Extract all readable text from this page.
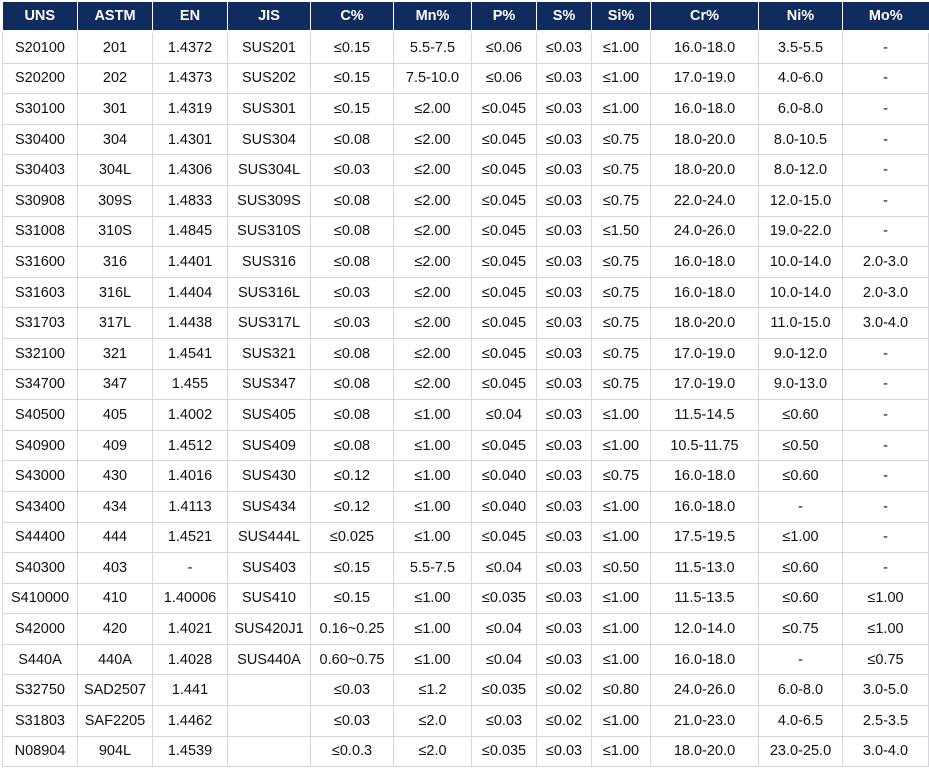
UNS	ASTM	EN	JIS	C%	Mn%	P%	S%	Si%	Cr%	Ni%	Mo%
S20100	201	1.4372	SUS201	≤0.15	5.5-7.5	≤0.06	≤0.03	≤1.00	16.0-18.0	3.5-5.5	-
S20200	202	1.4373	SUS202	≤0.15	7.5-10.0	≤0.06	≤0.03	≤1.00	17.0-19.0	4.0-6.0	-
S30100	301	1.4319	SUS301	≤0.15	≤2.00	≤0.045	≤0.03	≤1.00	16.0-18.0	6.0-8.0	-
S30400	304	1.4301	SUS304	≤0.08	≤2.00	≤0.045	≤0.03	≤0.75	18.0-20.0	8.0-10.5	-
S30403	304L	1.4306	SUS304L	≤0.03	≤2.00	≤0.045	≤0.03	≤0.75	18.0-20.0	8.0-12.0	-
S30908	309S	1.4833	SUS309S	≤0.08	≤2.00	≤0.045	≤0.03	≤0.75	22.0-24.0	12.0-15.0	-
S31008	310S	1.4845	SUS310S	≤0.08	≤2.00	≤0.045	≤0.03	≤1.50	24.0-26.0	19.0-22.0	-
S31600	316	1.4401	SUS316	≤0.08	≤2.00	≤0.045	≤0.03	≤0.75	16.0-18.0	10.0-14.0	2.0-3.0
S31603	316L	1.4404	SUS316L	≤0.03	≤2.00	≤0.045	≤0.03	≤0.75	16.0-18.0	10.0-14.0	2.0-3.0
S31703	317L	1.4438	SUS317L	≤0.03	≤2.00	≤0.045	≤0.03	≤0.75	18.0-20.0	11.0-15.0	3.0-4.0
S32100	321	1.4541	SUS321	≤0.08	≤2.00	≤0.045	≤0.03	≤0.75	17.0-19.0	9.0-12.0	-
S34700	347	1.455	SUS347	≤0.08	≤2.00	≤0.045	≤0.03	≤0.75	17.0-19.0	9.0-13.0	-
S40500	405	1.4002	SUS405	≤0.08	≤1.00	≤0.04	≤0.03	≤1.00	11.5-14.5	≤0.60	-
S40900	409	1.4512	SUS409	≤0.08	≤1.00	≤0.045	≤0.03	≤1.00	10.5-11.75	≤0.50	-
S43000	430	1.4016	SUS430	≤0.12	≤1.00	≤0.040	≤0.03	≤0.75	16.0-18.0	≤0.60	-
S43400	434	1.4113	SUS434	≤0.12	≤1.00	≤0.040	≤0.03	≤1.00	16.0-18.0	-	-
S44400	444	1.4521	SUS444L	≤0.025	≤1.00	≤0.045	≤0.03	≤1.00	17.5-19.5	≤1.00	-
S40300	403	-	SUS403	≤0.15	5.5-7.5	≤0.04	≤0.03	≤0.50	11.5-13.0	≤0.60	-
S410000	410	1.40006	SUS410	≤0.15	≤1.00	≤0.035	≤0.03	≤1.00	11.5-13.5	≤0.60	≤1.00
S42000	420	1.4021	SUS420J1	0.16~0.25	≤1.00	≤0.04	≤0.03	≤1.00	12.0-14.0	≤0.75	≤1.00
S440A	440A	1.4028	SUS440A	0.60~0.75	≤1.00	≤0.04	≤0.03	≤1.00	16.0-18.0	-	≤0.75
S32750	SAD2507	1.441		≤0.03	≤1.2	≤0.035	≤0.02	≤0.80	24.0-26.0	6.0-8.0	3.0-5.0
S31803	SAF2205	1.4462		≤0.03	≤2.0	≤0.03	≤0.02	≤1.00	21.0-23.0	4.0-6.5	2.5-3.5
N08904	904L	1.4539		≤0.0.3	≤2.0	≤0.035	≤0.03	≤1.00	18.0-20.0	23.0-25.0	3.0-4.0
